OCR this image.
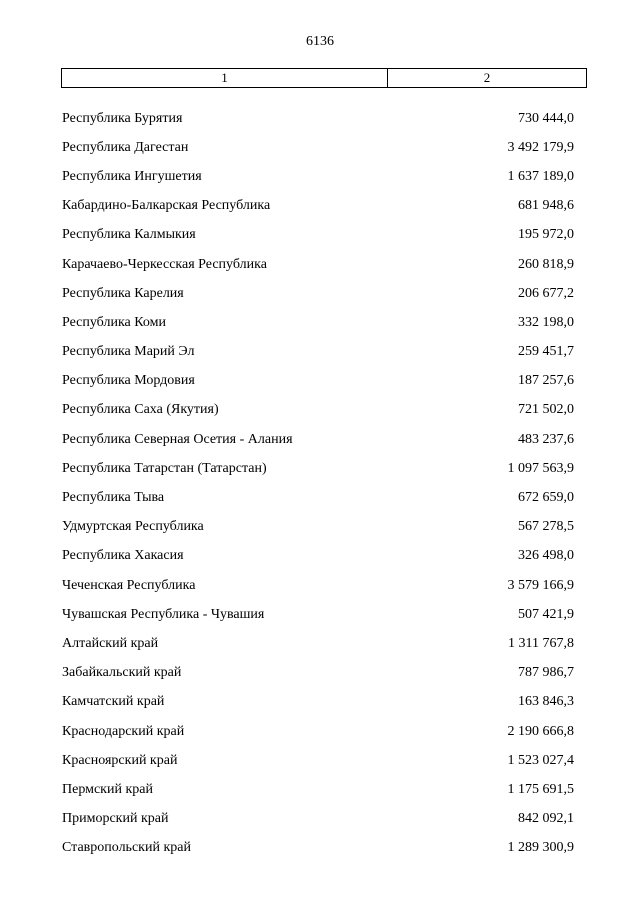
6136
1	2
Республика Бурятия	730 444,0
Республика Дагестан	3 492 179,9
Республика Ингушетия	1 637 189,0
Кабардино-Балкарская Республика	681 948,6
Республика Калмыкия	195 972,0
Карачаево-Черкесская Республика	260 818,9
Республика Карелия	206 677,2
Республика Коми	332 198,0
Республика Марий Эл	259 451,7
Республика Мордовия	187 257,6
Республика Саха (Якутия)	721 502,0
Республика Северная Осетия - Алания	483 237,6
Республика Татарстан (Татарстан)	1 097 563,9
Республика Тыва	672 659,0
Удмуртская Республика	567 278,5
Республика Хакасия	326 498,0
Чеченская Республика	3 579 166,9
Чувашская Республика - Чувашия	507 421,9
Алтайский край	1 311 767,8
Забайкальский край	787 986,7
Камчатский край	163 846,3
Краснодарский край	2 190 666,8
Красноярский край	1 523 027,4
Пермский край	1 175 691,5
Приморский край	842 092,1
Ставропольский край	1 289 300,9
